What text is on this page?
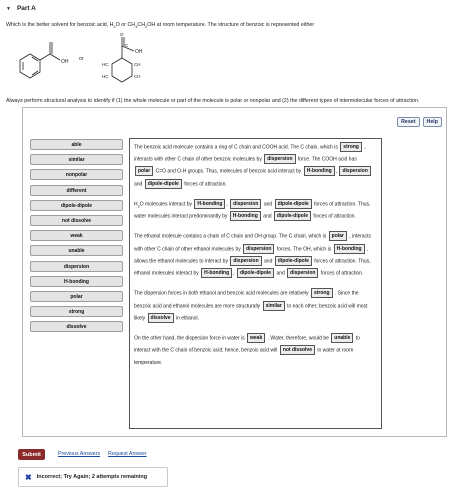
▼ Part A
Which is the better solvent for benzoic acid, $H_2O$ or $CH_3CH_2OH$ at room temperature. The structure of benzoic is represented either
OH
O
C
OH
HC	CH
HC	CH
or
Always perform structural analysis to identify if (1) the whole molecule or part of the molecule is polar or nonpolar and (2) the different types of intermolecular forces of attraction.
Reset	Help
able
similar
nonpolar
different
dipole-dipole
not dissolve
weak
unable
dispersion
H-bonding
polar
strong
dissolve

The benzoic acid molecule contains a ring of C chain and COOH acid. The C chain, which is strong , interacts with other C chain of other benzoic molecules by dispersion force. The COOH acid has polar C=O and O-H groups. Thus, molecules of benzoic acid interact by H-bonding , dispersion and dipole-dipole forces of attraction.

$H_2O$ molecules interact by H-bonding , dispersion and dipole-dipole forces of attraction. Thus, water molecules interact predominantly by H-bonding and dipole-dipole forces of attraction.

The ethanol molecule contains a chain of C chain and OH group. The C chain, which is polar , interacts with other C chain of other ethanol molecules by dispersion forces. The OH, which is H-bonding , allows the ethanol molecules to interact by dispersion and dipole-dipole forces of attraction. Thus, ethanol molecules interact by H-bonding , dipole-dipole and dispersion forces of attraction.

The dispersion forces in both ethanol and benzoic acid molecules are relatively strong . Since the benzoic acid and ethanol molecules are more structurally similar to each other; benzoic acid will most likely dissolve in ethanol.

On the other hand, the dispersion force in water is weak . Water, therefore, would be unable to interact with the C chain of benzoic acid; hence, benzoic acid will not dissolve in water at room temperature.

Submit	Previous Answers Request Answer
✖ Incorrect; Try Again; 2 attempts remaining
